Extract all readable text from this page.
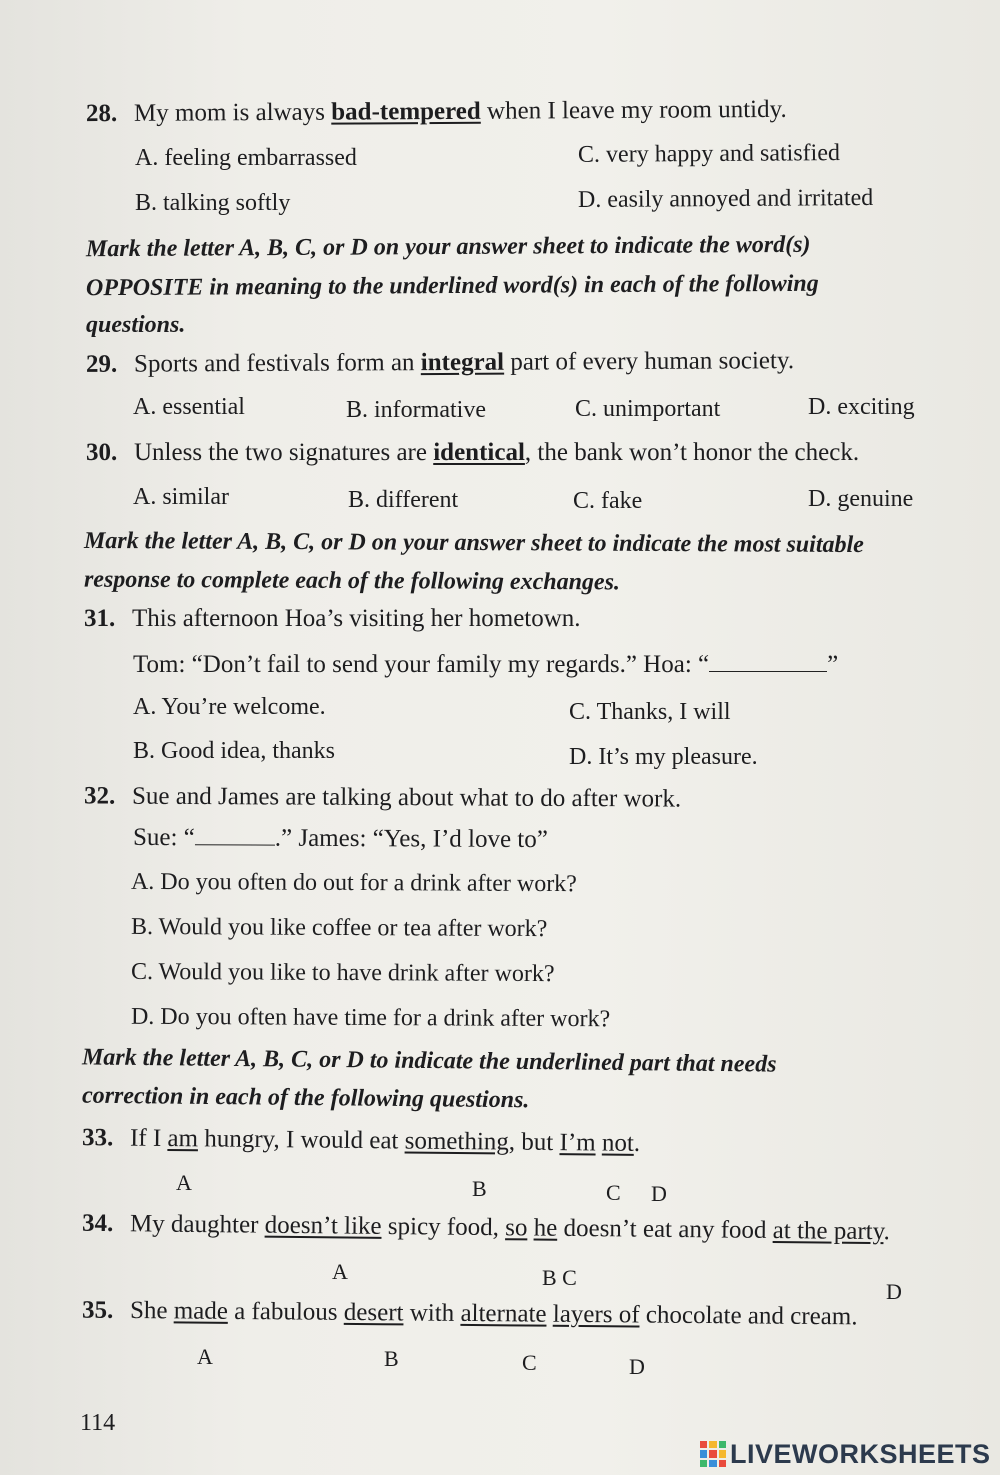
28. My mom is always bad-tempered when I leave my room untidy.
A. feeling embarrassed	C. very happy and satisfied
B. talking softly	D. easily annoyed and irritated
Mark the letter A, B, C, or D on your answer sheet to indicate the word(s)
OPPOSITE in meaning to the underlined word(s) in each of the following
questions.
29. Sports and festivals form an integral part of every human society.
A. essential	B. informative	C. unimportant	D. exciting
30. Unless the two signatures are identical, the bank won’t honor the check.
A. similar	B. different	C. fake	D. genuine
Mark the letter A, B, C, or D on your answer sheet to indicate the most suitable
response to complete each of the following exchanges.
31. This afternoon Hoa’s visiting her hometown.
Tom: “Don’t fail to send your family my regards.” Hoa: “	”
A. You’re welcome.	C. Thanks, I will
B. Good idea, thanks	D. It’s my pleasure.
32. Sue and James are talking about what to do after work.
Sue: “	.” James: “Yes, I’d love to”
A. Do you often do out for a drink after work?
B. Would you like coffee or tea after work?
C. Would you like to have drink after work?
D. Do you often have time for a drink after work?
Mark the letter A, B, C, or D to indicate the underlined part that needs
correction in each of the following questions.
33. If I am hungry, I would eat something, but I’m not.
A	B	C D
34. My daughter doesn’t like spicy food, so he doesn’t eat any food at the party.
A	B C
D
35. She made a fabulous desert with alternate layers of chocolate and cream.
A	B	C	D
114
LIVEWORKSHEETS
